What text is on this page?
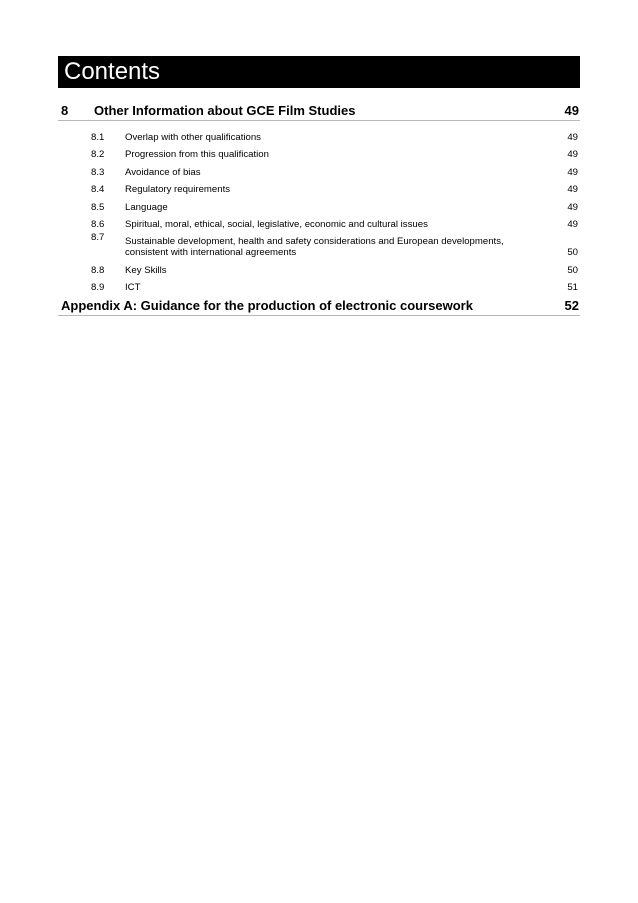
Contents
8	Other Information about GCE Film Studies	49
8.1	Overlap with other qualifications	49
8.2	Progression from this qualification	49
8.3	Avoidance of bias	49
8.4	Regulatory requirements	49
8.5	Language	49
8.6	Spiritual, moral, ethical, social, legislative, economic and cultural issues	49
8.7	Sustainable development, health and safety considerations and European developments,
consistent with international agreements	50
8.8	Key Skills	50
8.9	ICT	51
Appendix A: Guidance for the production of electronic coursework	52
